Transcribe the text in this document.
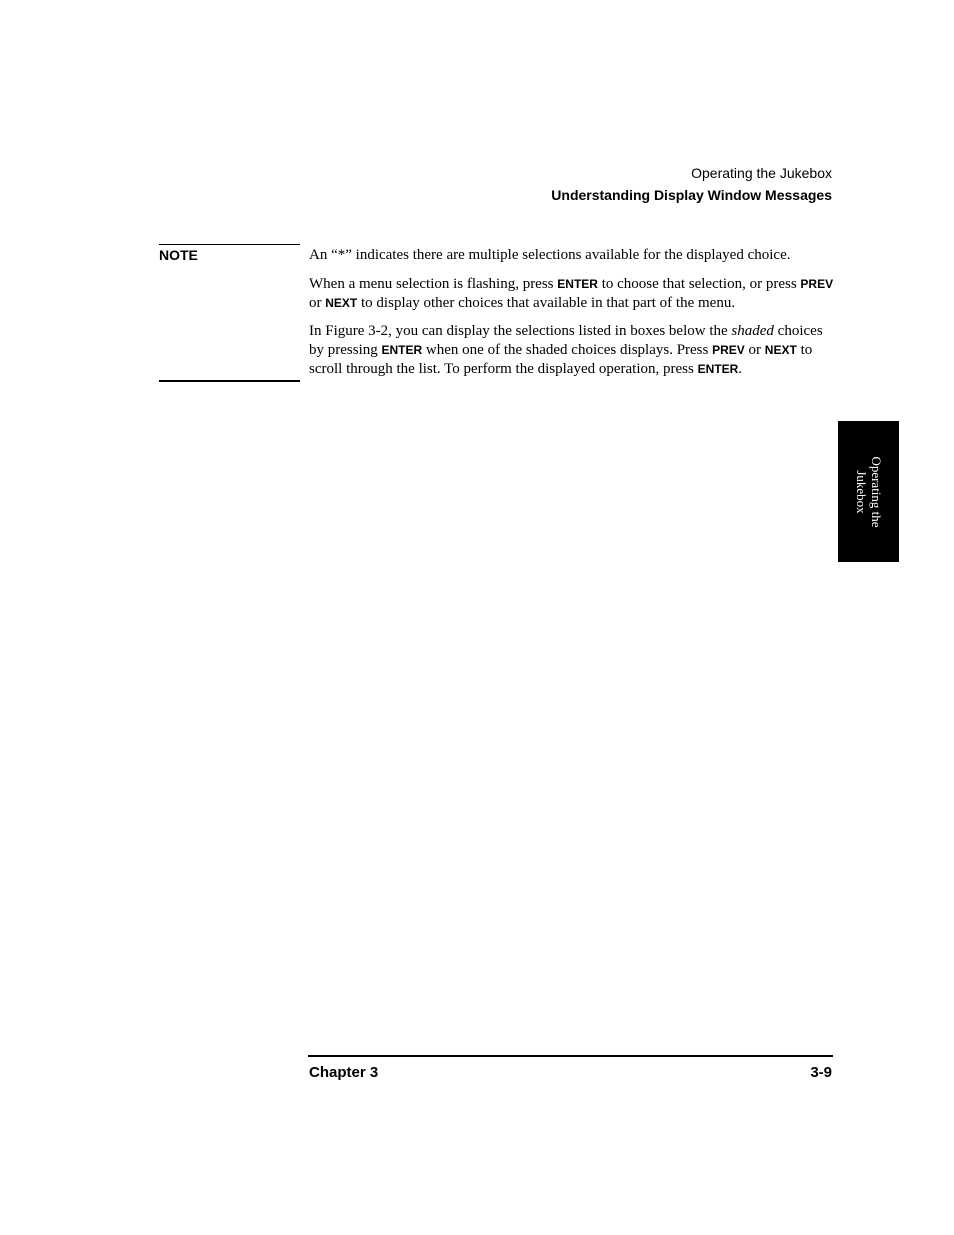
Operating the Jukebox
Understanding Display Window Messages
NOTE	An “*” indicates there are multiple selections available for the displayed choice.

When a menu selection is flashing, press ENTER to choose that selection, or press PREV or NEXT to display other choices that available in that part of the menu.

In Figure 3-2, you can display the selections listed in boxes below the shaded choices by pressing ENTER when one of the shaded choices displays. Press PREV or NEXT to scroll through the list. To perform the displayed operation, press ENTER.

Operating the
Jukebox
Chapter 3	3-9
